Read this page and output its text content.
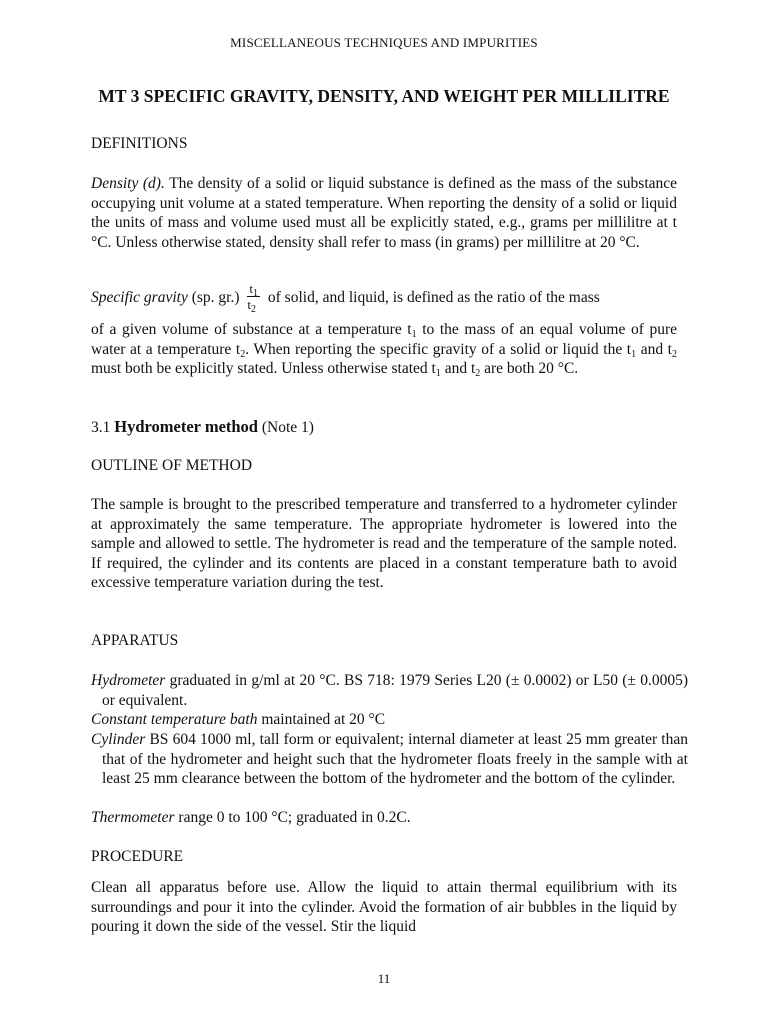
MISCELLANEOUS TECHNIQUES AND IMPURITIES
MT 3 SPECIFIC GRAVITY, DENSITY, AND WEIGHT PER MILLILITRE
DEFINITIONS

Density (d). The density of a solid or liquid substance is defined as the mass of the substance occupying unit volume at a stated temperature. When reporting the density of a solid or liquid the units of mass and volume used must all be explicitly stated, e.g., grams per millilitre at t °C. Unless otherwise stated, density shall refer to mass (in grams) per millilitre at 20 °C.

Specific gravity (sp. $gr.) \frac{t_1}{t_2}$ of solid, and liquid, is defined as the ratio of the mass

of a given volume of substance at a temperature $t_1$ to the mass of an equal volume of pure water at a temperature $t_2$. When reporting the specific gravity of a solid or liquid the $t_1$ and $t_2$ must both be explicitly stated. Unless otherwise stated $t_1$ and $t_2$ are both 20 °C.

3.1 Hydrometer method (Note 1)
OUTLINE OF METHOD

The sample is brought to the prescribed temperature and transferred to a hydrometer cylinder at approximately the same temperature. The appropriate hydrometer is lowered into the sample and allowed to settle. The hydrometer is read and the temperature of the sample noted. If required, the cylinder and its contents are placed in a constant temperature bath to avoid excessive temperature variation during the test.

APPARATUS

Hydrometer graduated in g/ml at 20 °C. BS 718: 1979 Series L20 (± 0.0002) or L50 (± 0.0005) or equivalent.

Constant temperature bath maintained at 20 °C

Cylinder BS 604 1000 ml, tall form or equivalent; internal diameter at least 25 mm greater than that of the hydrometer and height such that the hydrometer floats freely in the sample with at least 25 mm clearance between the bottom of the hydrometer and the bottom of the cylinder.

Thermometer range 0 to 100 °C; graduated in 0.2C.

PROCEDURE

Clean all apparatus before use. Allow the liquid to attain thermal equilibrium with its surroundings and pour it into the cylinder. Avoid the formation of air bubbles in the liquid by pouring it down the side of the vessel. Stir the liquid

11
